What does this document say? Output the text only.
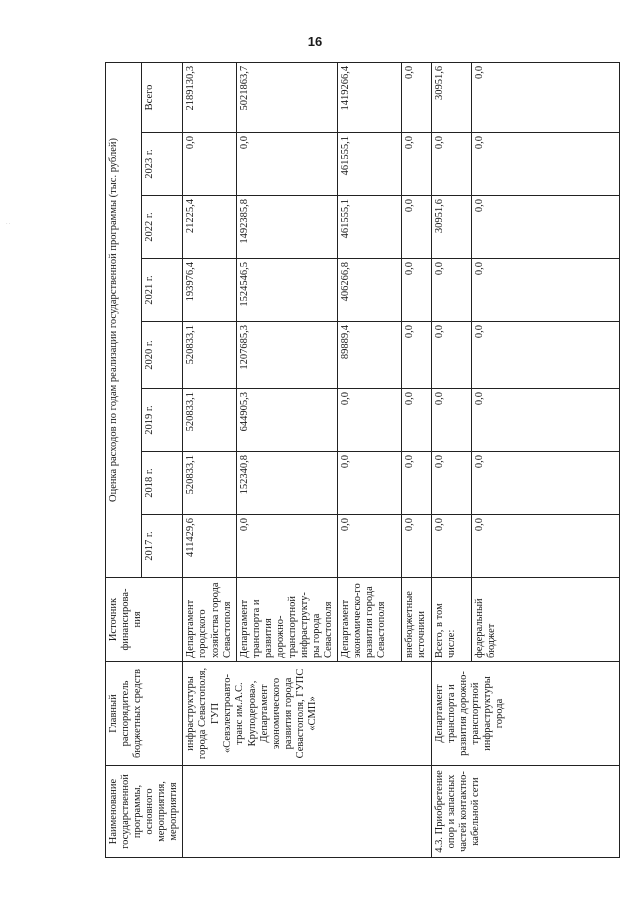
16
· ·
Наименование государственной программы, основного мероприятия, мероприятия	Главный распорядитель бюджетных средств	Источник финансирова-ния	Оценка расходов по годам реализации государственной программы (тыс. рублей)							
			2017 г.	2018 г.	2019 г.	2020 г.	2021 г.	2022 г.	2023 г.	Всего

	инфраструктуры города Севастополя, ГУП «Севэлектроавто-транс им.А.С. Круподерова», Департамент экономического развития города Севастополя, ГУПС «СМП»	Департамент городского хозяйства города Севастополя	411429,6	520833,1	520833,1	520833,1	193976,4	21225,4	0,0	2189130,3
		Департамент транспорта и развития дорожно-транспортной инфраструкту-ры города Севастополя	0,0	152340,8	644905,3	1207685,3	1524546,5	1492385,8	0,0	5021863,7
		Департамент экономическо-го развития города Севастополя	0,0	0,0	0,0	89889,4	406266,8	461555,1	461555,1	1419266,4
		внебюджетные источники	0,0	0,0	0,0	0,0	0,0	0,0	0,0	0,0
4.3. Приобретение опор и запасных частей контактно-кабельной сети	Департамент транспорта и развития дорожно-транспортной инфраструктуры города	Всего, в том числе:	0,0	0,0	0,0	0,0	0,0	30951,6	0,0	30951,6
		федеральный бюджет	0,0	0,0	0,0	0,0	0,0	0,0	0,0	0,0
